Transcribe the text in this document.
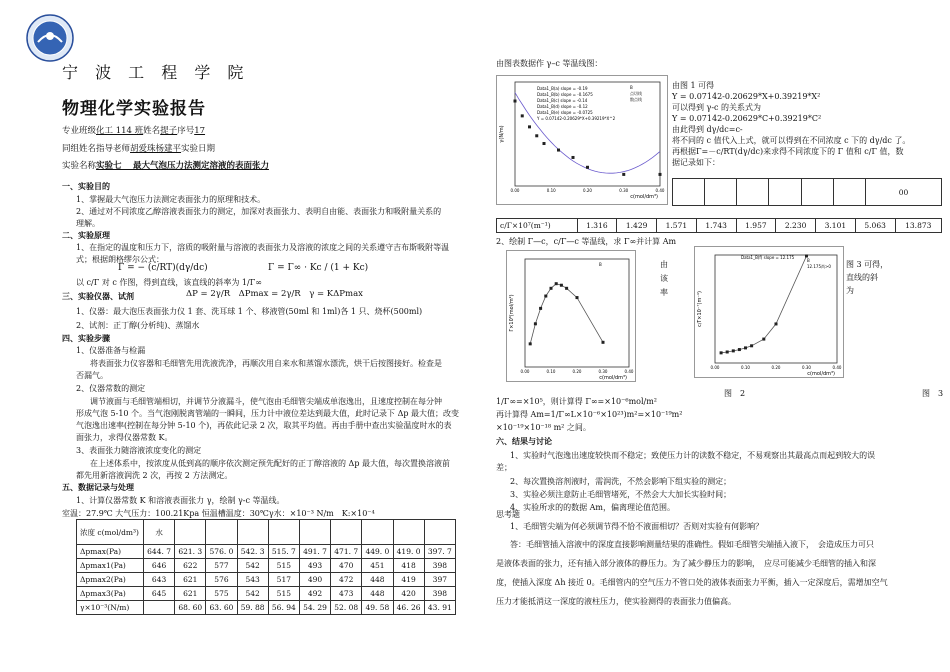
宁 波 工 程 学 院
物理化学实验报告
专业班级化工 114 班姓名提子序号17
同组姓名指导老师胡爱珠杨建平实验日期
实验名称实验七　 最大气泡压力法测定溶液的表面张力
一、实验目的
1、掌握最大气泡压力法测定表面张力的原理和技术。
2、通过对不同浓度乙醇溶液表面张力的测定，加深对表面张力、表明自由能、表面张力和吸附量关系的
理解。
二、实验原理
1、在指定的温度和压力下，溶质的吸附量与溶液的表面张力及溶液的浓度之间的关系遵守吉布斯吸附等温
式；根据朗格缪尔公式：
Γ = − (c/RT)(dγ/dc)	Γ = Γ∞ · Kc / (1 + Kc)
以 c/Γ 对 c 作图，得到直线，该直线的斜率为 1/Γ∞
ΔP = 2γ/R　ΔPmax = 2γ/R　γ = KΔPmax
三、实验仪器、试剂
1、仪器：最大泡压表面张力仪 1 套、洗耳球 1 个、移液管(50ml 和 1ml)各 1 只、烧杯(500ml)
2、试剂：正丁醇(分析纯)、蒸馏水
四、实验步骤
1、仪器准备与检漏
将表面张力仪容器和毛细管先用洗液洗净，再顺次用自来水和蒸馏水漂洗，烘干后按图接好。检查是
否漏气。
2、仪器常数的测定
调节液面与毛细管端相切，并调节分液漏斗，使气泡由毛细管尖端成单泡逸出，且速度控制在每分钟
形成气泡 5-10 个。当气泡刚脱离管端的一瞬间，压力计中液位差达到最大值，此时记录下 Δp 最大值；改变
气泡逸出速率(控制在每分钟 5-10 个)，再依此记录 2 次，取其平均值。再由手册中查出实验温度时水的表
面张力，求得仪器常数 K。
3、表面张力随溶液浓度变化的测定
在上述体系中，按浓度从低到高的顺序依次测定预先配好的正丁醇溶液的 Δp 最大值，每次置换溶液前
都先用新溶液润洗 2 次，再按 2 方法测定。
五、数据记录与处理
1、计算仪器常数 K 和溶液表面张力 γ，绘制 γ-c 等温线。
室温：27.9℃ 大气压力：100.21Kpa 恒温槽温度：30℃γ水：×10⁻³ N/m　K:×10⁻⁴
浓度 c(mol/dm³)	水									
Δpmax(Pa)	644. 7	621. 3	576. 0	542. 3	515. 7	491. 7	471. 7	449. 0	419. 0	397. 7
Δpmax1(Pa)	646	622	577	542	515	493	470	451	418	398
Δpmax2(Pa)	643	621	576	543	517	490	472	448	419	397
Δpmax3(Pa)	645	621	575	542	515	492	473	448	420	398
γ×10⁻³(N/m)		68. 60	63. 60	59. 88	56. 94	54. 29	52. 08	49. 58	46. 26	43. 91
由图表数据作 γ–c 等温线图：
c(mol/dm³)
γ(N/m)
0.00	0.10	0.20	0.30	0.40
B
点切线
散点线
Data1_B(a) slope = -0.19
Data1_B(b) slope = -0.1675
Data1_B(c) slope = -0.14
Data1_B(d) slope = -0.12
Data1_B(e) slope = -0.0725
Y = 0.07142-0.20629*X+0.39219*X^2
由图 1 可得
Y = 0.07142-0.20629*X+0.39219*X²
可以得到 γ-c 的关系式为
Y = 0.07142-0.20629*C+0.39219*C²
由此得到 dγ/dc=c-
将不同的 c 值代入上式，就可以得到在不同浓度 c 下的 dγ/dc 了。
再根据Γ=－c/RT(dγ/dc)来求得不同浓度下的 Γ 值和 c/Γ 值，数
据记录如下：
						00
c/Γ×10⁷(m⁻¹)	1.316	1.429	1.571	1.743	1.957	2.230	3.101	5.063	13.873
2、绘制 Γ—c，c/Γ—c 等温线，求 Γ∞并计算 Am
c(mol/dm³)
Γ×10⁶(mol/m²)
0.00	0.10	0.20	0.30	0.40
B	由
该
率
c(mol/dm³)
c/Γ×10⁻⁷(m⁻¹)
0.00	0.10	0.20	0.30	0.40
B
12.175尚>0
Data1_B(f) slope = 12.175
图 3 可得，
直线的斜
为
图　2	图　3
1/Γ∞=×10⁵，则计算得 Γ∞=×10⁻⁶mol/m²
再计算得 Am=1/Γ∞L×10⁻⁶×10²³)m²=×10⁻¹⁹m²
×10⁻¹⁹×10⁻¹⁸ m² 之间。
六、结果与讨论
1、实验时气泡逸出速度较快而不稳定；致使压力计的读数不稳定，不易观察出其最高点而起到较大的误
差；
2、每次置换溶剂液时，需润洗，不然会影响下组实验的测定；
3、实验必须注意防止毛细管堵死，不然会大大加长实验时间；
4、实验所求的的数据 Am，偏离理论值范围。
思考题
1、毛细管尖端为何必须调节得不恰不液面相切？否则对实验有何影响？
答：毛细管插入溶液中的深度直接影响测量结果的准确性。假如毛细管尖端插入液下，　会造成压力可只
是液体表面的张力，还有插入部分液体的静压力。为了减少静压力的影响，　应尽可能减少毛细管的插入和深
度，使插入深度 Δh 接近 0。毛细管内的空气压力不管口处的液体表面张力平衡，插入一定深度后，需增加空气
压力才能抵消这一深度的液柱压力，使实验测得的表面张力值偏高。
